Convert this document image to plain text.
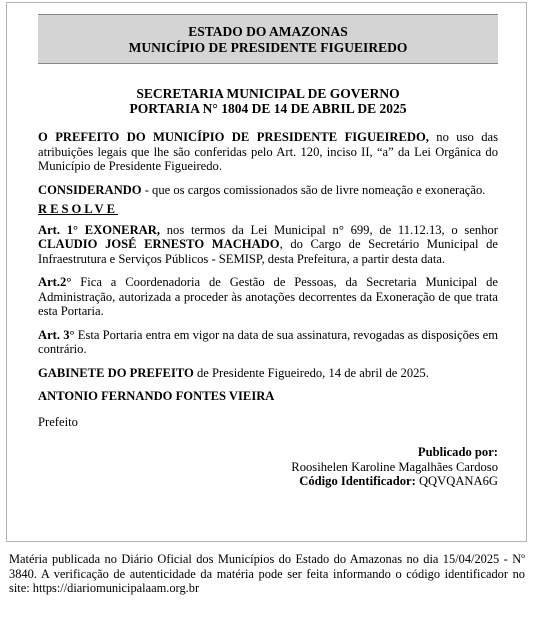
ESTADO DO AMAZONAS
MUNICÍPIO DE PRESIDENTE FIGUEIREDO
SECRETARIA MUNICIPAL DE GOVERNO
PORTARIA N° 1804 DE 14 DE ABRIL DE 2025

O PREFEITO DO MUNICÍPIO DE PRESIDENTE FIGUEIREDO, no uso das atribuições legais que lhe são conferidas pelo Art. 120, inciso II, “a” da Lei Orgânica do Município de Presidente Figueiredo.

CONSIDERANDO - que os cargos comissionados são de livre nomeação e exoneração.

RESOLVE

Art. 1° EXONERAR, nos termos da Lei Municipal n° 699, de 11.12.13, o senhor CLAUDIO JOSÉ ERNESTO MACHADO, do Cargo de Secretário Municipal de Infraestrutura e Serviços Públicos - SEMISP, desta Prefeitura, a partir desta data.

Art.2° Fica a Coordenadoria de Gestão de Pessoas, da Secretaria Municipal de Administração, autorizada a proceder às anotações decorrentes da Exoneração de que trata esta Portaria.

Art. 3° Esta Portaria entra em vigor na data de sua assinatura, revogadas as disposições em contrário.

GABINETE DO PREFEITO de Presidente Figueiredo, 14 de abril de 2025.

ANTONIO FERNANDO FONTES VIEIRA

Prefeito

Publicado por:
Roosihelen Karoline Magalhães Cardoso
Código Identificador: QQVQANA6G
Matéria publicada no Diário Oficial dos Municípios do Estado do Amazonas no dia 15/04/2025 - Nº 3840. A verificação de autenticidade da matéria pode ser feita informando o código identificador no site: https://diariomunicipalaam.org.br
